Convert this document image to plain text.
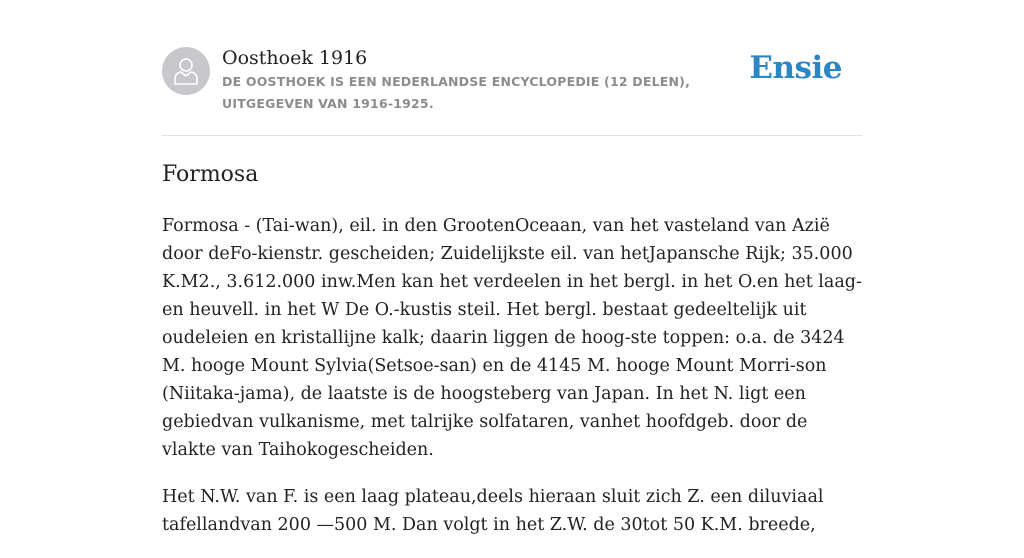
Oosthoek 1916
DE OOSTHOEK IS EEN NEDERLANDSE ENCYCLOPEDIE (12 DELEN), UITGEGEVEN VAN 1916-1925.
Ensie
Formosa

Formosa - (Tai-wan), eil. in den GrootenOceaan, van het vasteland van Azië door deFo-kienstr. gescheiden; Zuidelijkste eil. van hetJapansche Rijk; 35.000 K.M2., 3.612.000 inw.Men kan het verdeelen in het bergl. in het O.en het laag-en heuvell. in het W De O.-kustis steil. Het bergl. bestaat gedeeltelijk uit oudeleien en kristallijne kalk; daarin liggen de hoog-ste toppen: o.a. de 3424 M. hooge Mount Sylvia(Setsoe-san) en de 4145 M. hooge Mount Morri-son (Niitaka-jama), de laatste is de hoogsteberg van Japan. In het N. ligt een gebiedvan vulkanisme, met talrijke solfataren, vanhet hoofdgeb. door de vlakte van Taihokogescheiden.

Het N.W. van F. is een laag plateau,deels hieraan sluit zich Z. een diluviaal tafellandvan 200 —500 M. Dan volgt in het Z.W. de 30tot 50 K.M. breede,
